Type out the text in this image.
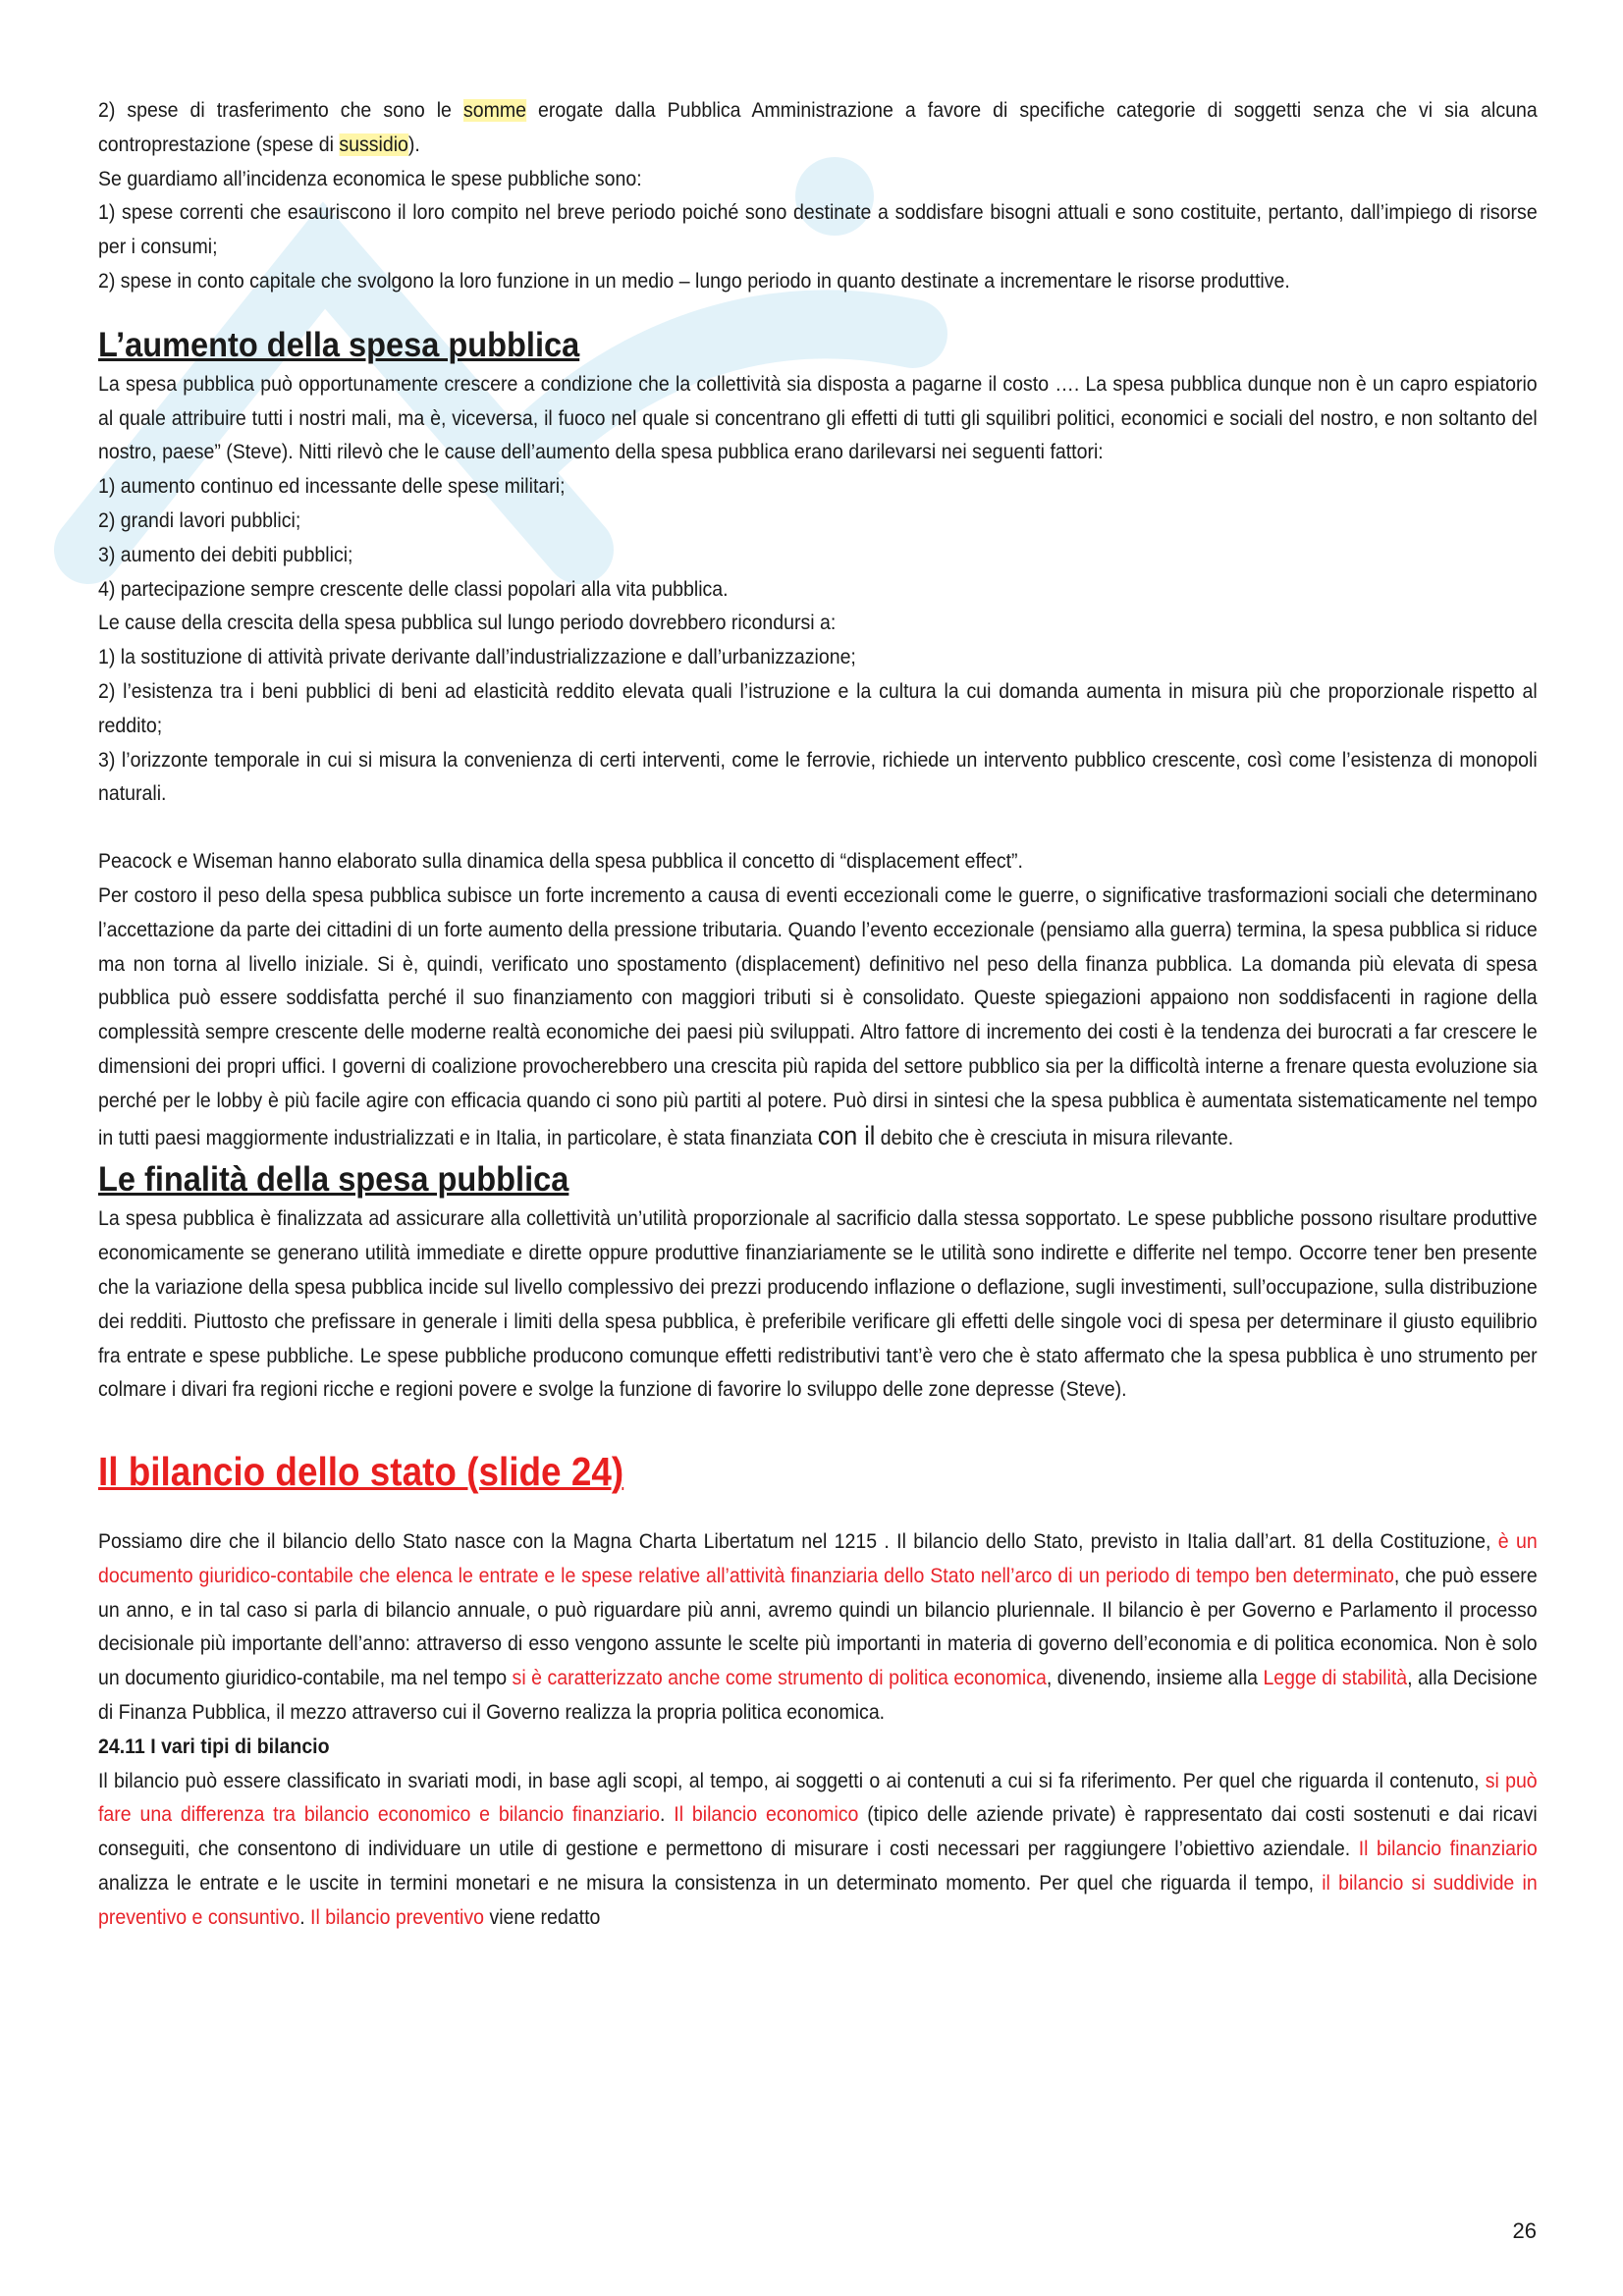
2) spese di trasferimento che sono le somme erogate dalla Pubblica Amministrazione a favore di specifiche categorie di soggetti senza che vi sia alcuna controprestazione (spese di sussidio).

Se guardiamo all’incidenza economica le spese pubbliche sono:

1) spese correnti che esauriscono il loro compito nel breve periodo poiché sono destinate a soddisfare bisogni attuali e sono costituite, pertanto, dall’impiego di risorse per i consumi;

2) spese in conto capitale che svolgono la loro funzione in un medio – lungo periodo in quanto destinate a incrementare le risorse produttive.

L’aumento della spesa pubblica

La spesa pubblica può opportunamente crescere a condizione che la collettività sia disposta a pagarne il costo …. La spesa pubblica dunque non è un capro espiatorio al quale attribuire tutti i nostri mali, ma è, viceversa, il fuoco nel quale si concentrano gli effetti di tutti gli squilibri politici, economici e sociali del nostro, e non soltanto del nostro, paese” (Steve). Nitti rilevò che le cause dell’aumento della spesa pubblica erano darilevarsi nei seguenti fattori:

1) aumento continuo ed incessante delle spese militari;

2) grandi lavori pubblici;

3) aumento dei debiti pubblici;

4) partecipazione sempre crescente delle classi popolari alla vita pubblica.

Le cause della crescita della spesa pubblica sul lungo periodo dovrebbero ricondursi a:

1) la sostituzione di attività private derivante dall’industrializzazione e dall’urbanizzazione;

2) l’esistenza tra i beni pubblici di beni ad elasticità reddito elevata quali l’istruzione e la cultura la cui domanda aumenta in misura più che proporzionale rispetto al reddito;

3) l’orizzonte temporale in cui si misura la convenienza di certi interventi, come le ferrovie, richiede un intervento pubblico crescente, così come l’esistenza di monopoli naturali.

Peacock e Wiseman hanno elaborato sulla dinamica della spesa pubblica il concetto di “displacement effect”.

Per costoro il peso della spesa pubblica subisce un forte incremento a causa di eventi eccezionali come le guerre, o significative trasformazioni sociali che determinano l’accettazione da parte dei cittadini di un forte aumento della pressione tributaria. Quando l’evento eccezionale (pensiamo alla guerra) termina, la spesa pubblica si riduce ma non torna al livello iniziale. Si è, quindi, verificato uno spostamento (displacement) definitivo nel peso della finanza pubblica. La domanda più elevata di spesa pubblica può essere soddisfatta perché il suo finanziamento con maggiori tributi si è consolidato. Queste spiegazioni appaiono non soddisfacenti in ragione della complessità sempre crescente delle moderne realtà economiche dei paesi più sviluppati. Altro fattore di incremento dei costi è la tendenza dei burocrati a far crescere le dimensioni dei propri uffici. I governi di coalizione provocherebbero una crescita più rapida del settore pubblico sia per la difficoltà interne a frenare questa evoluzione sia perché per le lobby è più facile agire con efficacia quando ci sono più partiti al potere. Può dirsi in sintesi che la spesa pubblica è aumentata sistematicamente nel tempo in tutti paesi maggiormente industrializzati e in Italia, in particolare, è stata finanziata con il debito che è cresciuta in misura rilevante.

Le finalità della spesa pubblica

La spesa pubblica è finalizzata ad assicurare alla collettività un’utilità proporzionale al sacrificio dalla stessa sopportato. Le spese pubbliche possono risultare produttive economicamente se generano utilità immediate e dirette oppure produttive finanziariamente se le utilità sono indirette e differite nel tempo. Occorre tener ben presente che la variazione della spesa pubblica incide sul livello complessivo dei prezzi producendo inflazione o deflazione, sugli investimenti, sull’occupazione, sulla distribuzione dei redditi. Piuttosto che prefissare in generale i limiti della spesa pubblica, è preferibile verificare gli effetti delle singole voci di spesa per determinare il giusto equilibrio fra entrate e spese pubbliche. Le spese pubbliche producono comunque effetti redistributivi tant’è vero che è stato affermato che la spesa pubblica è uno strumento per colmare i divari fra regioni ricche e regioni povere e svolge la funzione di favorire lo sviluppo delle zone depresse (Steve).

Il bilancio dello stato (slide 24)

Possiamo dire che il bilancio dello Stato nasce con la Magna Charta Libertatum nel 1215 . Il bilancio dello Stato, previsto in Italia dall’art. 81 della Costituzione, è un documento giuridico-contabile che elenca le entrate e le spese relative all’attività finanziaria dello Stato nell’arco di un periodo di tempo ben determinato, che può essere un anno, e in tal caso si parla di bilancio annuale, o può riguardare più anni, avremo quindi un bilancio pluriennale. Il bilancio è per Governo e Parlamento il processo decisionale più importante dell’anno: attraverso di esso vengono assunte le scelte più importanti in materia di governo dell’economia e di politica economica. Non è solo un documento giuridico-contabile, ma nel tempo si è caratterizzato anche come strumento di politica economica, divenendo, insieme alla Legge di stabilità, alla Decisione di Finanza Pubblica, il mezzo attraverso cui il Governo realizza la propria politica economica.

24.11 I vari tipi di bilancio

Il bilancio può essere classificato in svariati modi, in base agli scopi, al tempo, ai soggetti o ai contenuti a cui si fa riferimento. Per quel che riguarda il contenuto, si può fare una differenza tra bilancio economico e bilancio finanziario. Il bilancio economico (tipico delle aziende private) è rappresentato dai costi sostenuti e dai ricavi conseguiti, che consentono di individuare un utile di gestione e permettono di misurare i costi necessari per raggiungere l’obiettivo aziendale. Il bilancio finanziario analizza le entrate e le uscite in termini monetari e ne misura la consistenza in un determinato momento. Per quel che riguarda il tempo, il bilancio si suddivide in preventivo e consuntivo. Il bilancio preventivo viene redatto

26
